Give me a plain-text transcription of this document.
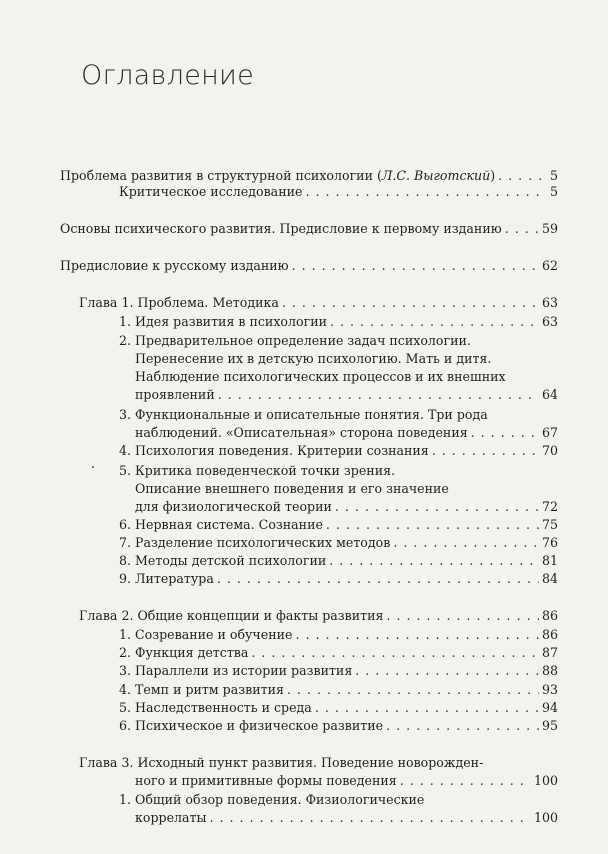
Оглавление
Проблема развития в структурной психологии (Л.С. Выготский) . . .	5
Критическое исследование . . .	5
Основы психического развития. Предисловие к первому изданию . . .	59
Предисловие к русскому изданию . . .	62
Глава 1. Проблема. Методика . . .	63
1. Идея развития в психологии . . .	63
2. Предварительное определение задач психологии.
Перенесение их в детскую психологию. Мать и дитя.
Наблюдение психологических процессов и их внешних
проявлений . . .	64
3. Функциональные и описательные понятия. Три рода
наблюдений. «Описательная» сторона поведения . . .	67
4. Психология поведения. Критерии сознания . . .	70
5. Критика поведенческой точки зрения.
Описание внешнего поведения и его значение
для физиологической теории . . .	72
6. Нервная система. Сознание . . .	75
7. Разделение психологических методов . . .	76
8. Методы детской психологии . . .	81
9. Литература . . .	84
Глава 2. Общие концепции и факты развития . . .	86
1. Созревание и обучение . . .	86
2. Функция детства . . .	87
3. Параллели из истории развития . . .	88
4. Темп и ритм развития . . .	93
5. Наследственность и среда . . .	94
6. Психическое и физическое развитие . . .	95
Глава 3. Исходный пункт развития. Поведение новорожден-
ного и примитивные формы поведения . . .	100
1. Общий обзор поведения. Физиологические
коррелаты . . .	100
